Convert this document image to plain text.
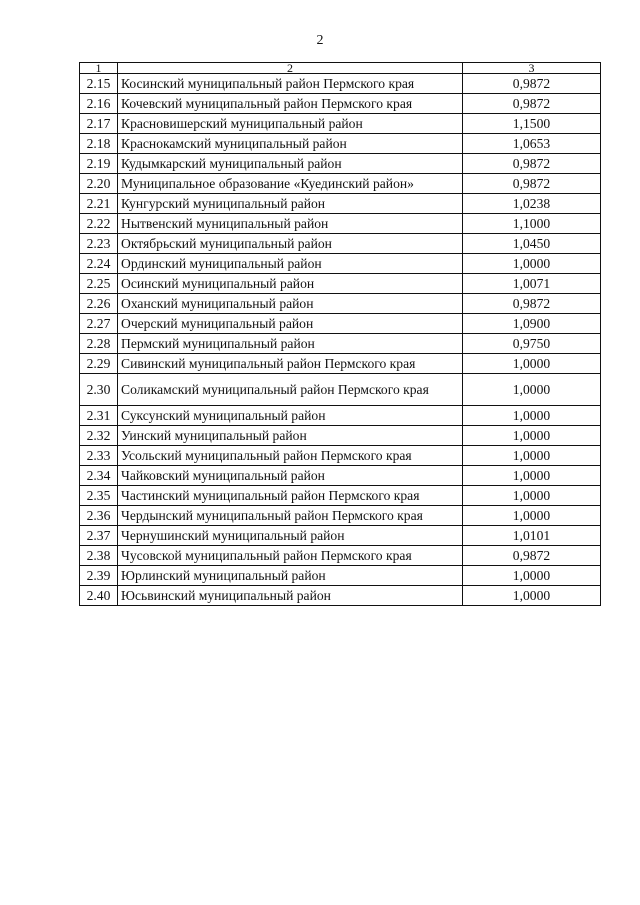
2
1	2	3
2.15	Косинский муниципальный район Пермского края	0,9872
2.16	Кочевский муниципальный район Пермского края	0,9872
2.17	Красновишерский муниципальный район	1,1500
2.18	Краснокамский муниципальный район	1,0653
2.19	Кудымкарский муниципальный район	0,9872
2.20	Муниципальное образование «Куединский район»	0,9872
2.21	Кунгурский муниципальный район	1,0238
2.22	Нытвенский муниципальный район	1,1000
2.23	Октябрьский муниципальный район	1,0450
2.24	Ординский муниципальный район	1,0000
2.25	Осинский муниципальный район	1,0071
2.26	Оханский муниципальный район	0,9872
2.27	Очерский муниципальный район	1,0900
2.28	Пермский муниципальный район	0,9750
2.29	Сивинский муниципальный район Пермского края	1,0000
2.30	Соликамский муниципальный район Пермского края	1,0000
2.31	Суксунский муниципальный район	1,0000
2.32	Уинский муниципальный район	1,0000
2.33	Усольский муниципальный район Пермского края	1,0000
2.34	Чайковский муниципальный район	1,0000
2.35	Частинский муниципальный район Пермского края	1,0000
2.36	Чердынский муниципальный район Пермского края	1,0000
2.37	Чернушинский муниципальный район	1,0101
2.38	Чусовской муниципальный район Пермского края	0,9872
2.39	Юрлинский муниципальный район	1,0000
2.40	Юсьвинский муниципальный район	1,0000
